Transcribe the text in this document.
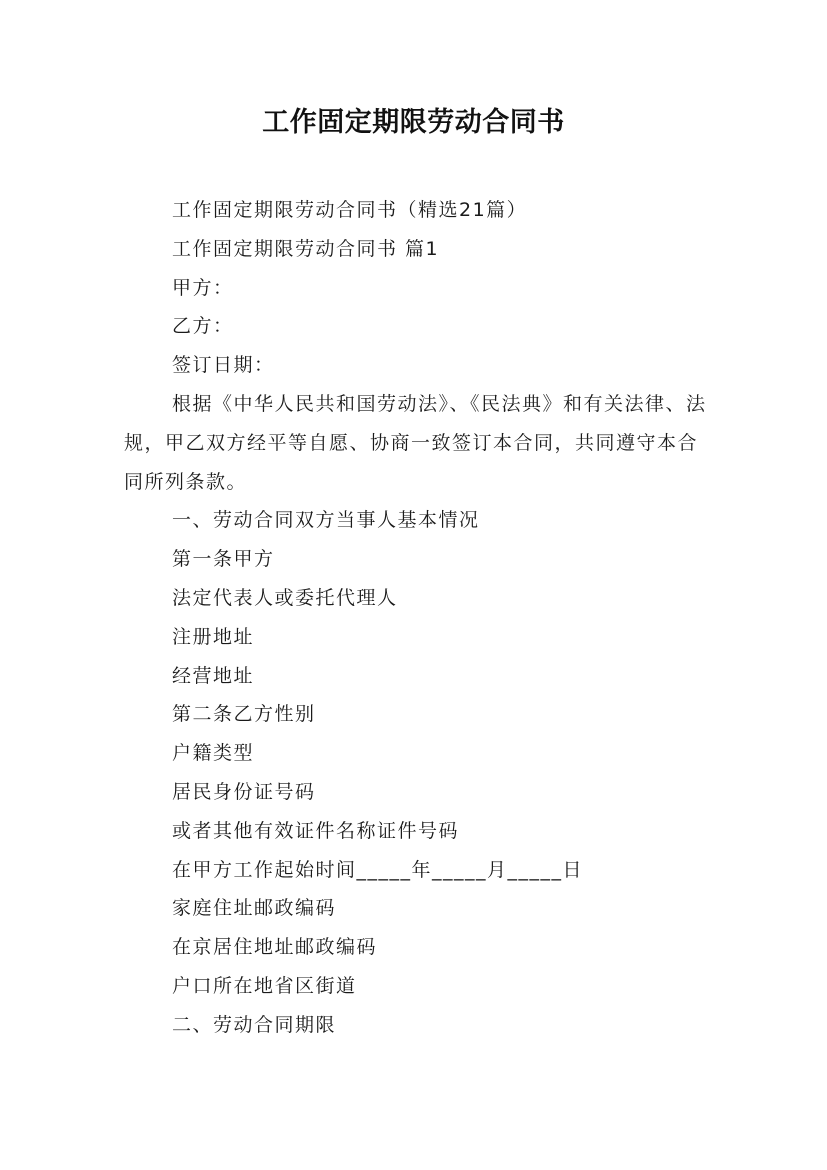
工作固定期限劳动合同书

工作固定期限劳动合同书（精选21篇）

工作固定期限劳动合同书 篇1

甲方：

乙方：

签订日期：

根据《中华人民共和国劳动法》、《民法典》和有关法律、法规，甲乙双方经平等自愿、协商一致签订本合同，共同遵守本合同所列条款。

一、劳动合同双方当事人基本情况

第一条甲方

法定代表人或委托代理人

注册地址

经营地址

第二条乙方性别

户籍类型

居民身份证号码

或者其他有效证件名称证件号码

在甲方工作起始时间_____年_____月_____日

家庭住址邮政编码

在京居住地址邮政编码

户口所在地省区街道

二、劳动合同期限
